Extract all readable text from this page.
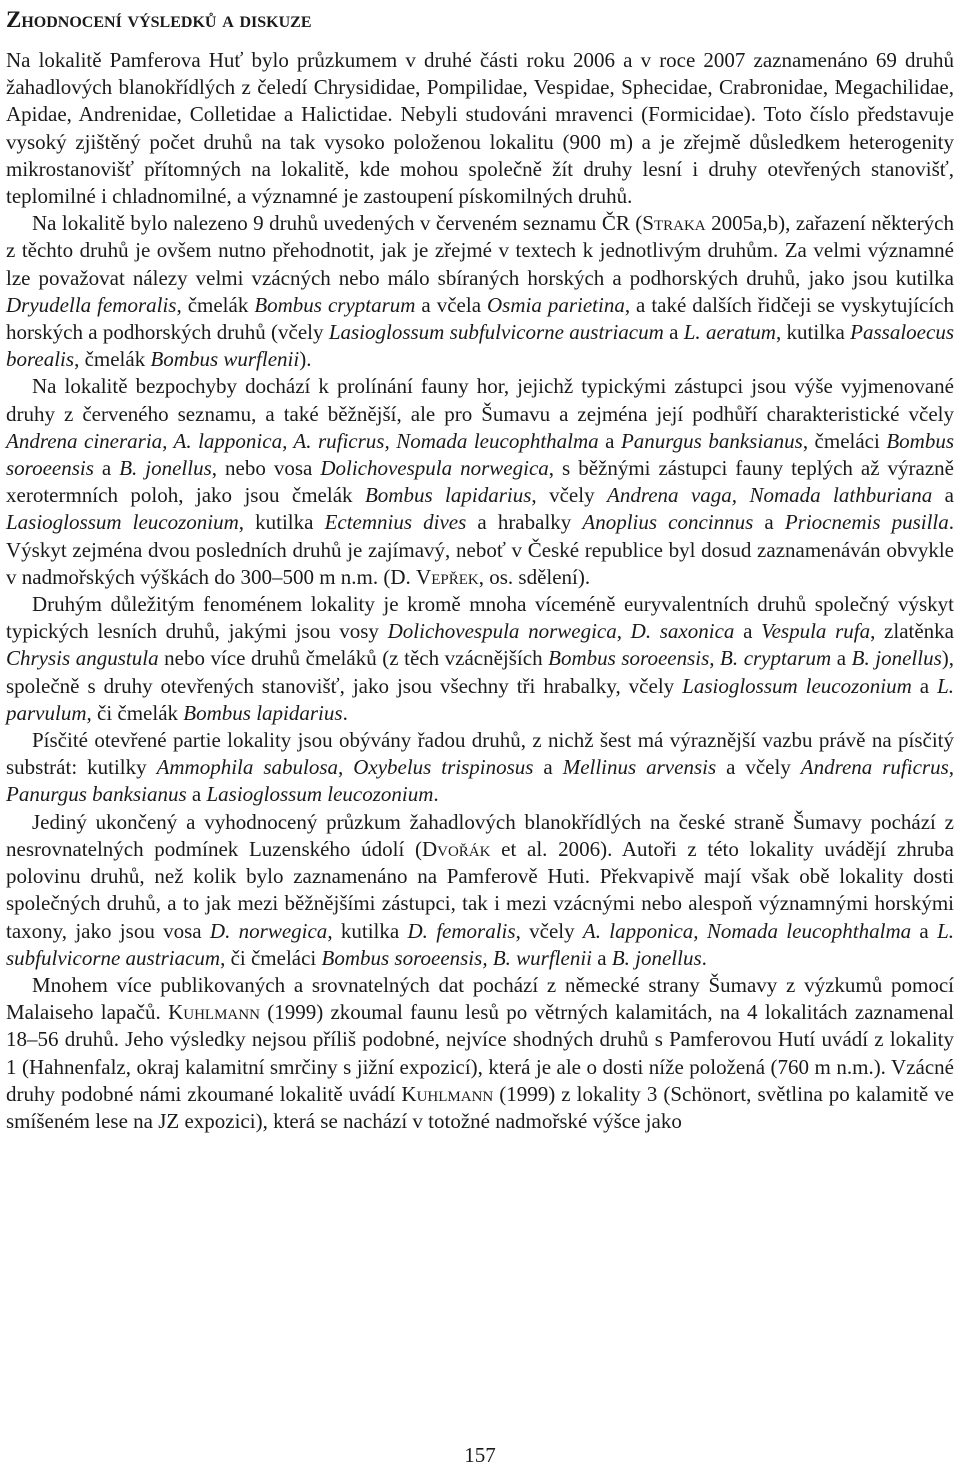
Zhodnocení výsledků a diskuze

Na lokalitě Pamferova Huť bylo průzkumem v druhé části roku 2006 a v roce 2007 zaznamenáno 69 druhů žahadlových blanokřídlých z čeledí Chrysididae, Pompilidae, Vespidae, Sphecidae, Crabronidae, Megachilidae, Apidae, Andrenidae, Colletidae a Halictidae. Nebyli studováni mravenci (Formicidae). Toto číslo představuje vysoký zjištěný počet druhů na tak vysoko položenou lokalitu (900 m) a je zřejmě důsledkem heterogenity mikrostanovišť přítomných na lokalitě, kde mohou společně žít druhy lesní i druhy otevřených stanovišť, teplomilné i chladnomilné, a významné je zastoupení pískomilných druhů.

Na lokalitě bylo nalezeno 9 druhů uvedených v červeném seznamu ČR (Straka 2005a,b), zařazení některých z těchto druhů je ovšem nutno přehodnotit, jak je zřejmé v textech k jednotlivým druhům. Za velmi významné lze považovat nálezy velmi vzácných nebo málo sbíraných horských a podhorských druhů, jako jsou kutilka Dryudella femoralis, čmelák Bombus cryptarum a včela Osmia parietina, a také dalších řidčeji se vyskytujících horských a podhorských druhů (včely Lasioglossum subfulvicorne austriacum a L. aeratum, kutilka Passaloecus borealis, čmelák Bombus wurflenii).

Na lokalitě bezpochyby dochází k prolínání fauny hor, jejichž typickými zástupci jsou výše vyjmenované druhy z červeného seznamu, a také běžnější, ale pro Šumavu a zejména její podhůří charakteristické včely Andrena cineraria, A. lapponica, A. ruficrus, Nomada leucophthalma a Panurgus banksianus, čmeláci Bombus soroeensis a B. jonellus, nebo vosa Dolichovespula norwegica, s běžnými zástupci fauny teplých až výrazně xerotermních poloh, jako jsou čmelák Bombus lapidarius, včely Andrena vaga, Nomada lathburiana a Lasioglossum leucozonium, kutilka Ectemnius dives a hrabalky Anoplius concinnus a Priocnemis pusilla. Výskyt zejména dvou posledních druhů je zajímavý, neboť v České republice byl dosud zaznamenáván obvykle v nadmořských výškách do 300–500 m n.m. (D. Vepřek, os. sdělení).

Druhým důležitým fenoménem lokality je kromě mnoha víceméně euryvalentních druhů společný výskyt typických lesních druhů, jakými jsou vosy Dolichovespula norwegica, D. saxonica a Vespula rufa, zlatěnka Chrysis angustula nebo více druhů čmeláků (z těch vzácnějších Bombus soroeensis, B. cryptarum a B. jonellus), společně s druhy otevřených stanovišť, jako jsou všechny tři hrabalky, včely Lasioglossum leucozonium a L. parvulum, či čmelák Bombus lapidarius.

Písčité otevřené partie lokality jsou obývány řadou druhů, z nichž šest má výraznější vazbu právě na písčitý substrát: kutilky Ammophila sabulosa, Oxybelus trispinosus a Mellinus arvensis a včely Andrena ruficrus, Panurgus banksianus a Lasioglossum leucozonium.

Jediný ukončený a vyhodnocený průzkum žahadlových blanokřídlých na české straně Šumavy pochází z nesrovnatelných podmínek Luzenského údolí (Dvořák et al. 2006). Autoři z této lokality uvádějí zhruba polovinu druhů, než kolik bylo zaznamenáno na Pamferově Huti. Překvapivě mají však obě lokality dosti společných druhů, a to jak mezi běžnějšími zástupci, tak i mezi vzácnými nebo alespoň významnými horskými taxony, jako jsou vosa D. norwegica, kutilka D. femoralis, včely A. lapponica, Nomada leucophthalma a L. subfulvicorne austriacum, či čmeláci Bombus soroeensis, B. wurflenii a B. jonellus.

Mnohem více publikovaných a srovnatelných dat pochází z německé strany Šumavy z výzkumů pomocí Malaiseho lapačů. Kuhlmann (1999) zkoumal faunu lesů po větrných kalamitách, na 4 lokalitách zaznamenal 18–56 druhů. Jeho výsledky nejsou příliš podobné, nejvíce shodných druhů s Pamferovou Hutí uvádí z lokality 1 (Hahnenfalz, okraj kalamitní smrčiny s jižní expozicí), která je ale o dosti níže položená (760 m n.m.). Vzácné druhy podobné námi zkoumané lokalitě uvádí Kuhlmann (1999) z lokality 3 (Schönort, světlina po kalamitě ve smíšeném lese na JZ expozici), která se nachází v totožné nadmořské výšce jako

157
